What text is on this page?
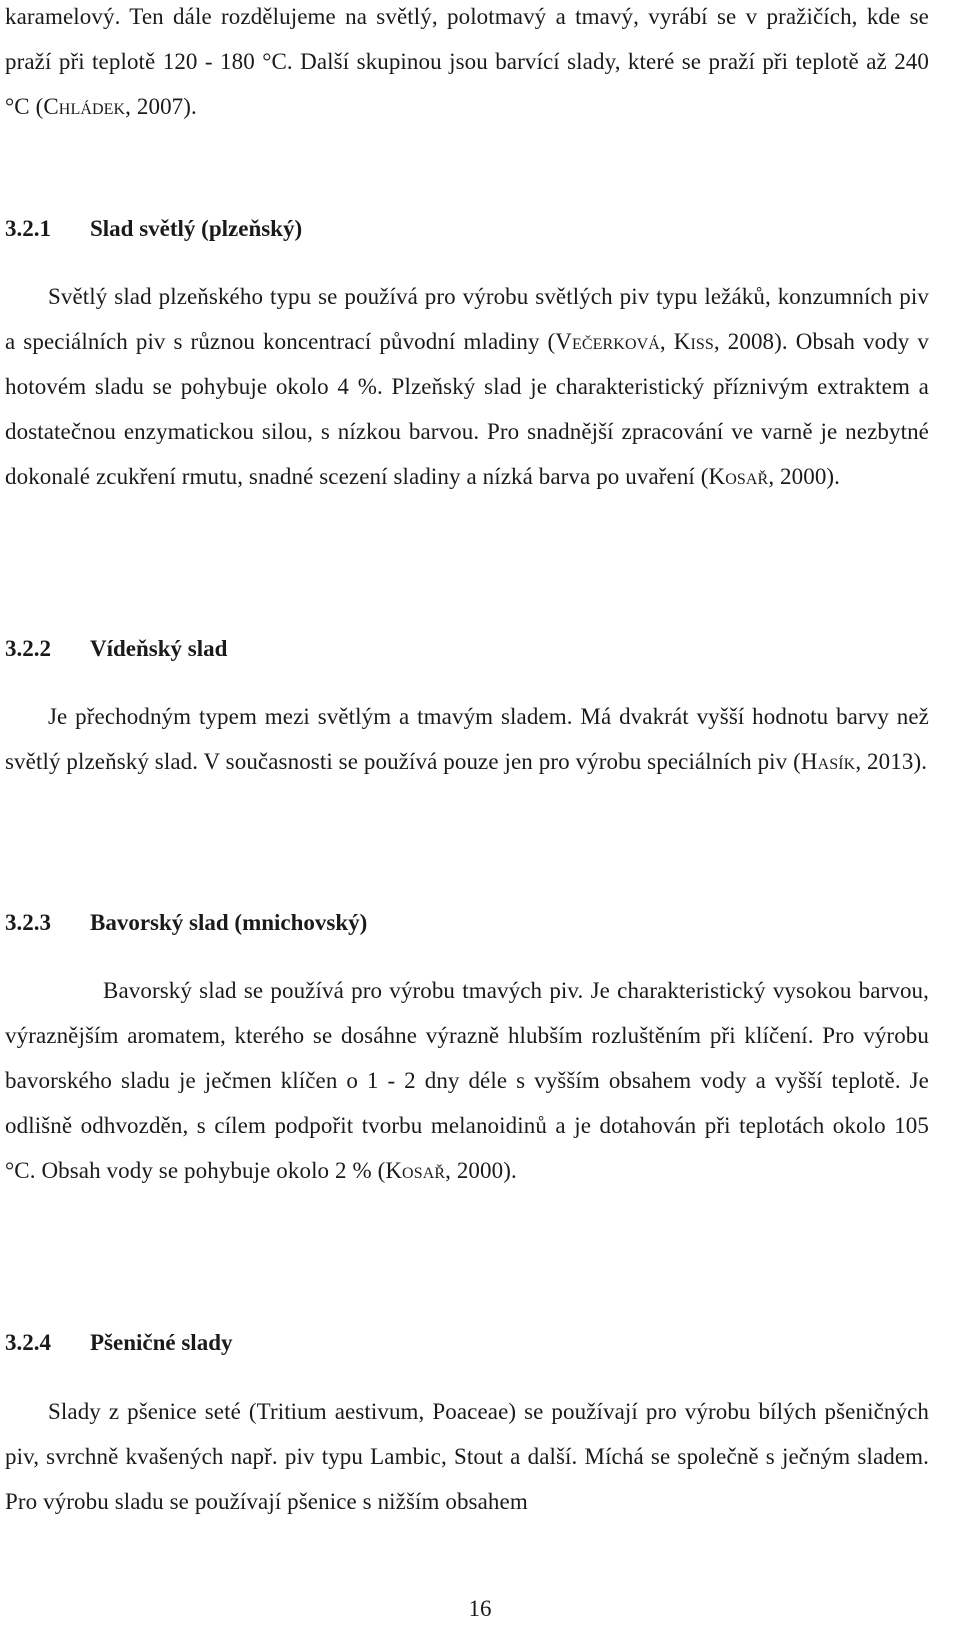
karamelový. Ten dále rozdělujeme na světlý, polotmavý a tmavý, vyrábí se v pražičích, kde se praží při teplotě 120 - 180 °C. Další skupinou jsou barvící slady, které se praží při teplotě až 240 °C (Chládek, 2007).

3.2.1 Slad světlý (plzeňský)

Světlý slad plzeňského typu se používá pro výrobu světlých piv typu ležáků, konzumních piv a speciálních piv s různou koncentrací původní mladiny (Večerková, Kiss, 2008). Obsah vody v hotovém sladu se pohybuje okolo 4 %. Plzeňský slad je charakteristický příznivým extraktem a dostatečnou enzymatickou silou, s nízkou barvou. Pro snadnější zpracování ve varně je nezbytné dokonalé zcukření rmutu, snadné scezení sladiny a nízká barva po uvaření (Kosař, 2000).

3.2.2 Vídeňský slad

Je přechodným typem mezi světlým a tmavým sladem. Má dvakrát vyšší hodnotu barvy než světlý plzeňský slad. V současnosti se používá pouze jen pro výrobu speciálních piv (Hasík, 2013).

3.2.3 Bavorský slad (mnichovský)

Bavorský slad se používá pro výrobu tmavých piv. Je charakteristický vysokou barvou, výraznějším aromatem, kterého se dosáhne výrazně hlubším rozluštěním při klíčení. Pro výrobu bavorského sladu je ječmen klíčen o 1 - 2 dny déle s vyšším obsahem vody a vyšší teplotě. Je odlišně odhvozděn, s cílem podpořit tvorbu melanoidinů a je dotahován při teplotách okolo 105 °C. Obsah vody se pohybuje okolo 2 % (Kosař, 2000).

3.2.4 Pšeničné slady

Slady z pšenice seté (Tritium aestivum, Poaceae) se používají pro výrobu bílých pšeničných piv, svrchně kvašených např. piv typu Lambic, Stout a další. Míchá se společně s ječným sladem. Pro výrobu sladu se používají pšenice s nižším obsahem

16
